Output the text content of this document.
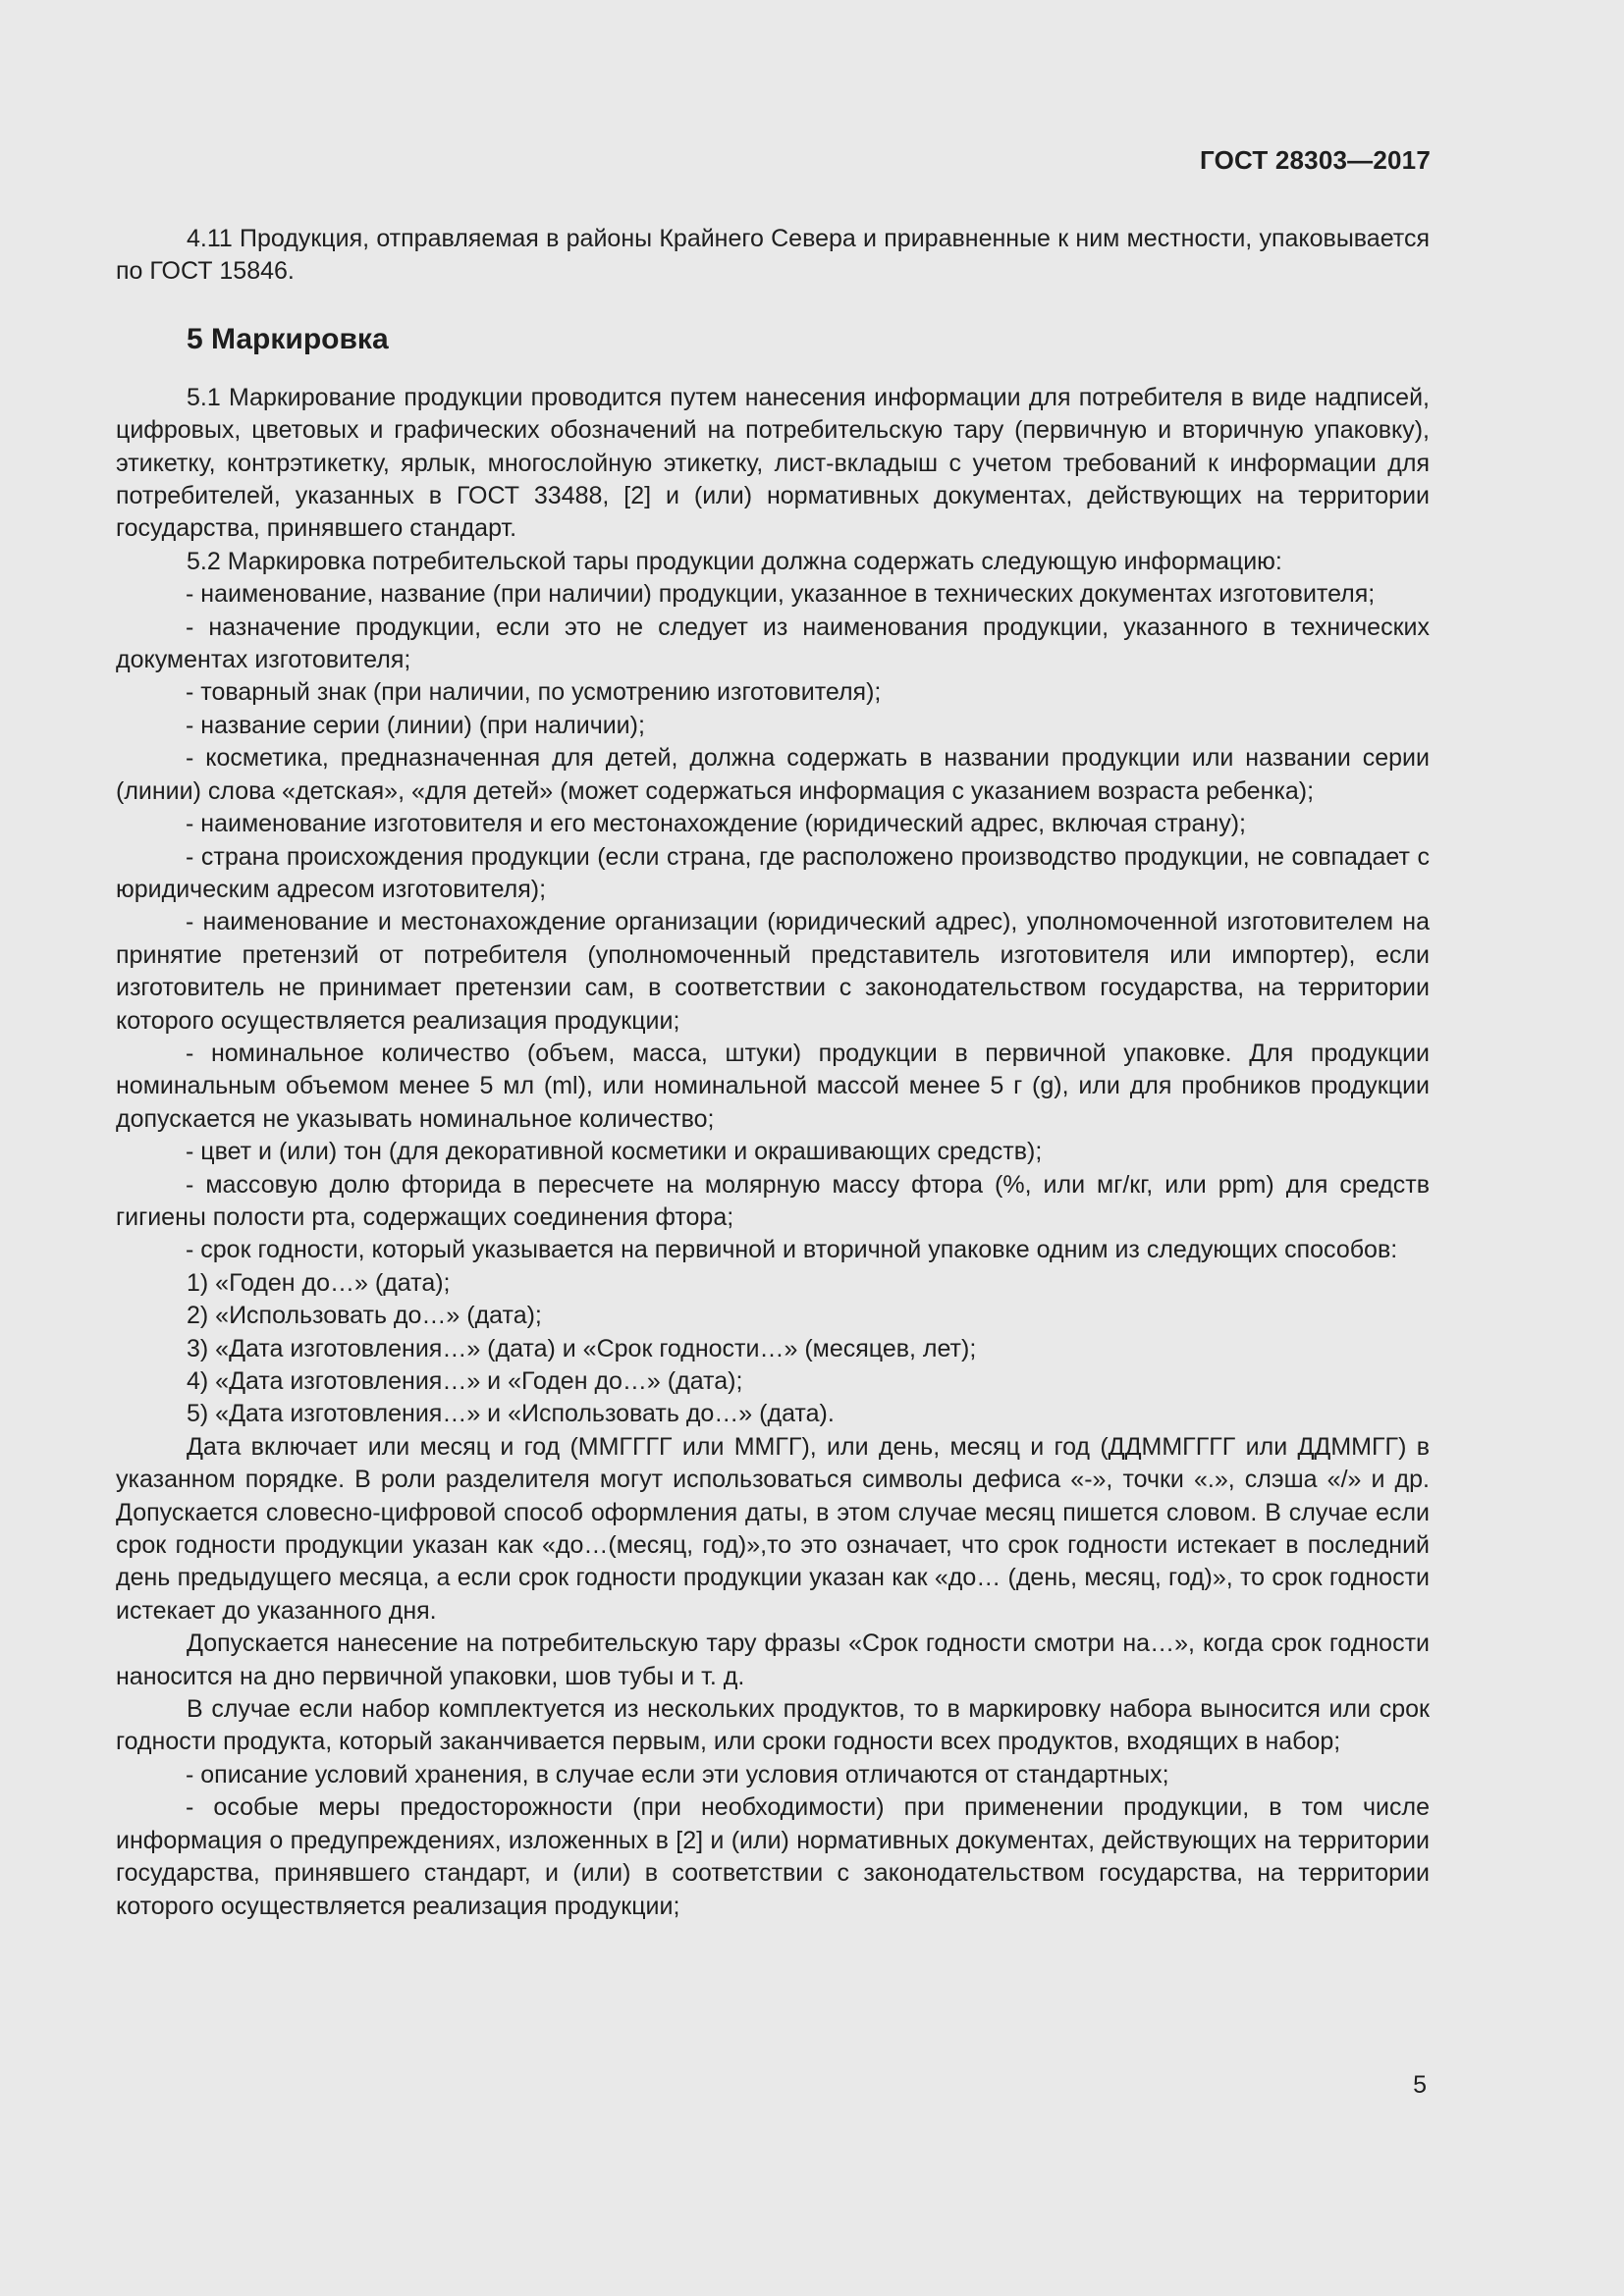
ГОСТ 28303—2017

4.11 Продукция, отправляемая в районы Крайнего Севера и приравненные к ним местности, упаковывается по ГОСТ 15846.

5 Маркировка

5.1 Маркирование продукции проводится путем нанесения информации для потребителя в виде надписей, цифровых, цветовых и графических обозначений на потребительскую тару (первичную и вторичную упаковку), этикетку, контрэтикетку, ярлык, многослойную этикетку, лист-вкладыш с учетом требований к информации для потребителей, указанных в ГОСТ 33488, [2] и (или) нормативных документах, действующих на территории государства, принявшего стандарт.

5.2 Маркировка потребительской тары продукции должна содержать следующую информацию:

- наименование, название (при наличии) продукции, указанное в технических документах изготовителя;

- назначение продукции, если это не следует из наименования продукции, указанного в технических документах изготовителя;

- товарный знак (при наличии, по усмотрению изготовителя);

- название серии (линии) (при наличии);

- косметика, предназначенная для детей, должна содержать в названии продукции или названии серии (линии) слова «детская», «для детей» (может содержаться информация с указанием возраста ребенка);

- наименование изготовителя и его местонахождение (юридический адрес, включая страну);

- страна происхождения продукции (если страна, где расположено производство продукции, не совпадает с юридическим адресом изготовителя);

- наименование и местонахождение организации (юридический адрес), уполномоченной изготовителем на принятие претензий от потребителя (уполномоченный представитель изготовителя или импортер), если изготовитель не принимает претензии сам, в соответствии с законодательством государства, на территории которого осуществляется реализация продукции;

- номинальное количество (объем, масса, штуки) продукции в первичной упаковке. Для продукции номинальным объемом менее 5 мл (ml), или номинальной массой менее 5 г (g), или для пробников продукции допускается не указывать номинальное количество;

- цвет и (или) тон (для декоративной косметики и окрашивающих средств);

- массовую долю фторида в пересчете на молярную массу фтора (%, или мг/кг, или ppm) для средств гигиены полости рта, содержащих соединения фтора;

- срок годности, который указывается на первичной и вторичной упаковке одним из следующих способов:

1) «Годен до…» (дата);

2) «Использовать до…» (дата);

3) «Дата изготовления…» (дата) и «Срок годности…» (месяцев, лет);

4) «Дата изготовления…» и «Годен до…» (дата);

5) «Дата изготовления…» и «Использовать до…» (дата).

Дата включает или месяц и год (ММГГГГ или ММГГ), или день, месяц и год (ДДММГГГГ или ДДММГГ) в указанном порядке. В роли разделителя могут использоваться символы дефиса «-», точки «.», слэша «/» и др. Допускается словесно-цифровой способ оформления даты, в этом случае месяц пишется словом. В случае если срок годности продукции указан как «до…(месяц, год)»,то это означает, что срок годности истекает в последний день предыдущего месяца, а если срок годности продукции указан как «до… (день, месяц, год)», то срок годности истекает до указанного дня.

Допускается нанесение на потребительскую тару фразы «Срок годности смотри на…», когда срок годности наносится на дно первичной упаковки, шов тубы и т. д.

В случае если набор комплектуется из нескольких продуктов, то в маркировку набора выносится или срок годности продукта, который заканчивается первым, или сроки годности всех продуктов, входящих в набор;

- описание условий хранения, в случае если эти условия отличаются от стандартных;

- особые меры предосторожности (при необходимости) при применении продукции, в том числе информация о предупреждениях, изложенных в [2] и (или) нормативных документах, действующих на территории государства, принявшего стандарт, и (или) в соответствии с законодательством государства, на территории которого осуществляется реализация продукции;

5
